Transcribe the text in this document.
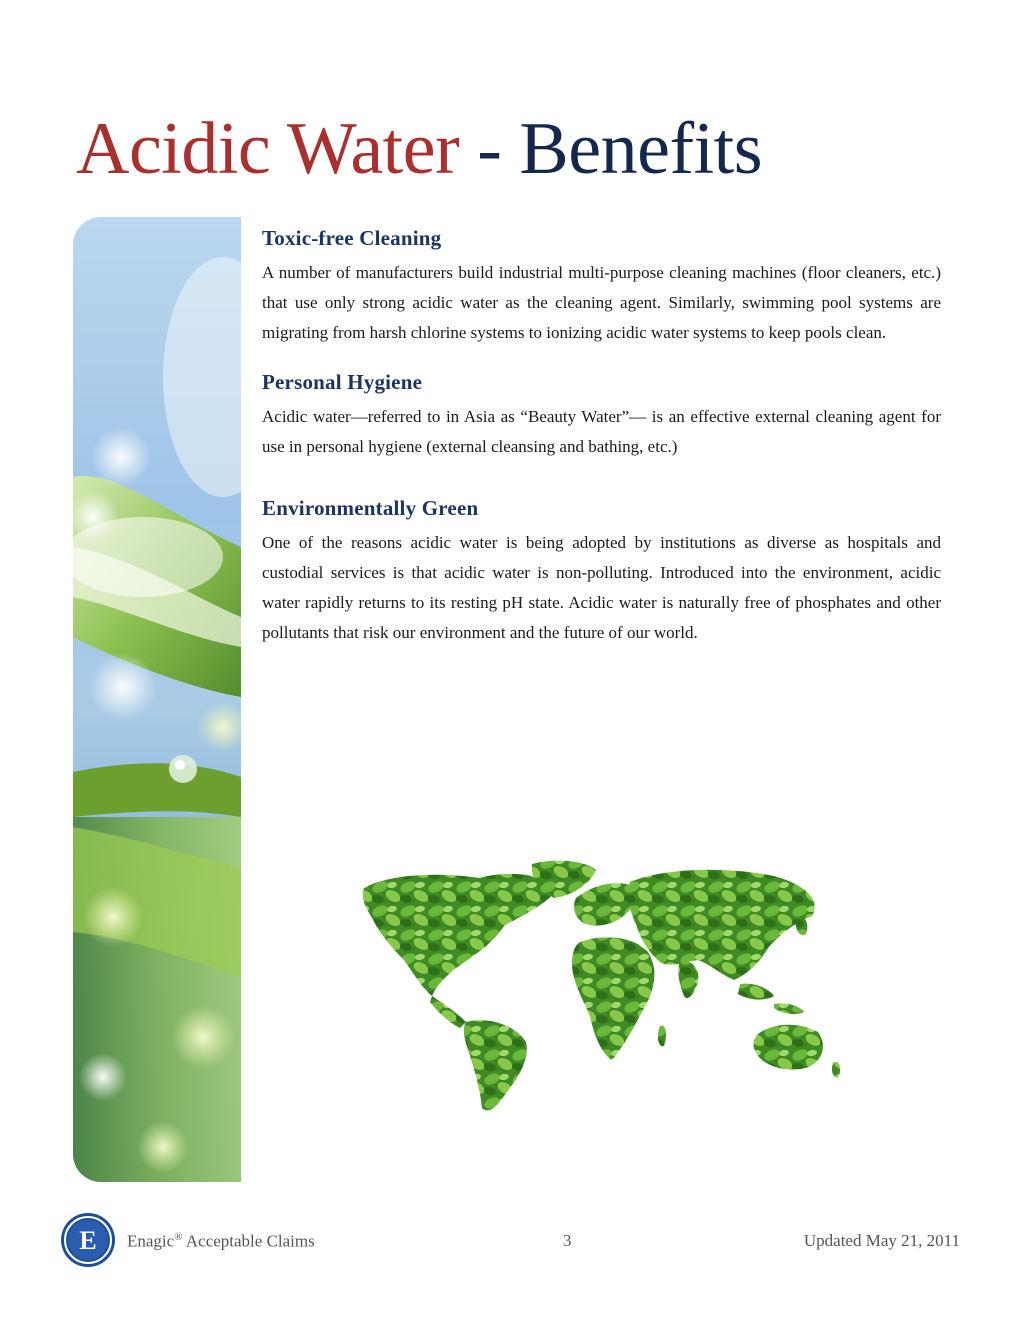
Acidic Water - Benefits
Toxic-free Cleaning

A number of manufacturers build industrial multi-purpose cleaning machines (floor cleaners, etc.) that use only strong acidic water as the cleaning agent. Similarly, swimming pool systems are migrating from harsh chlorine systems to ionizing acidic water systems to keep pools clean.

Personal Hygiene

Acidic water—referred to in Asia as “Beauty Water”— is an effective external cleaning agent for use in personal hygiene (external cleansing and bathing, etc.)

Environmentally Green

One of the reasons acidic water is being adopted by institutions as diverse as hospitals and custodial services is that acidic water is non-polluting. Introduced into the environment, acidic water rapidly returns to its resting pH state. Acidic water is naturally free of phosphates and other pollutants that risk our environment and the future of our world.

E Enagic® Acceptable Claims	3	Updated May 21, 2011
